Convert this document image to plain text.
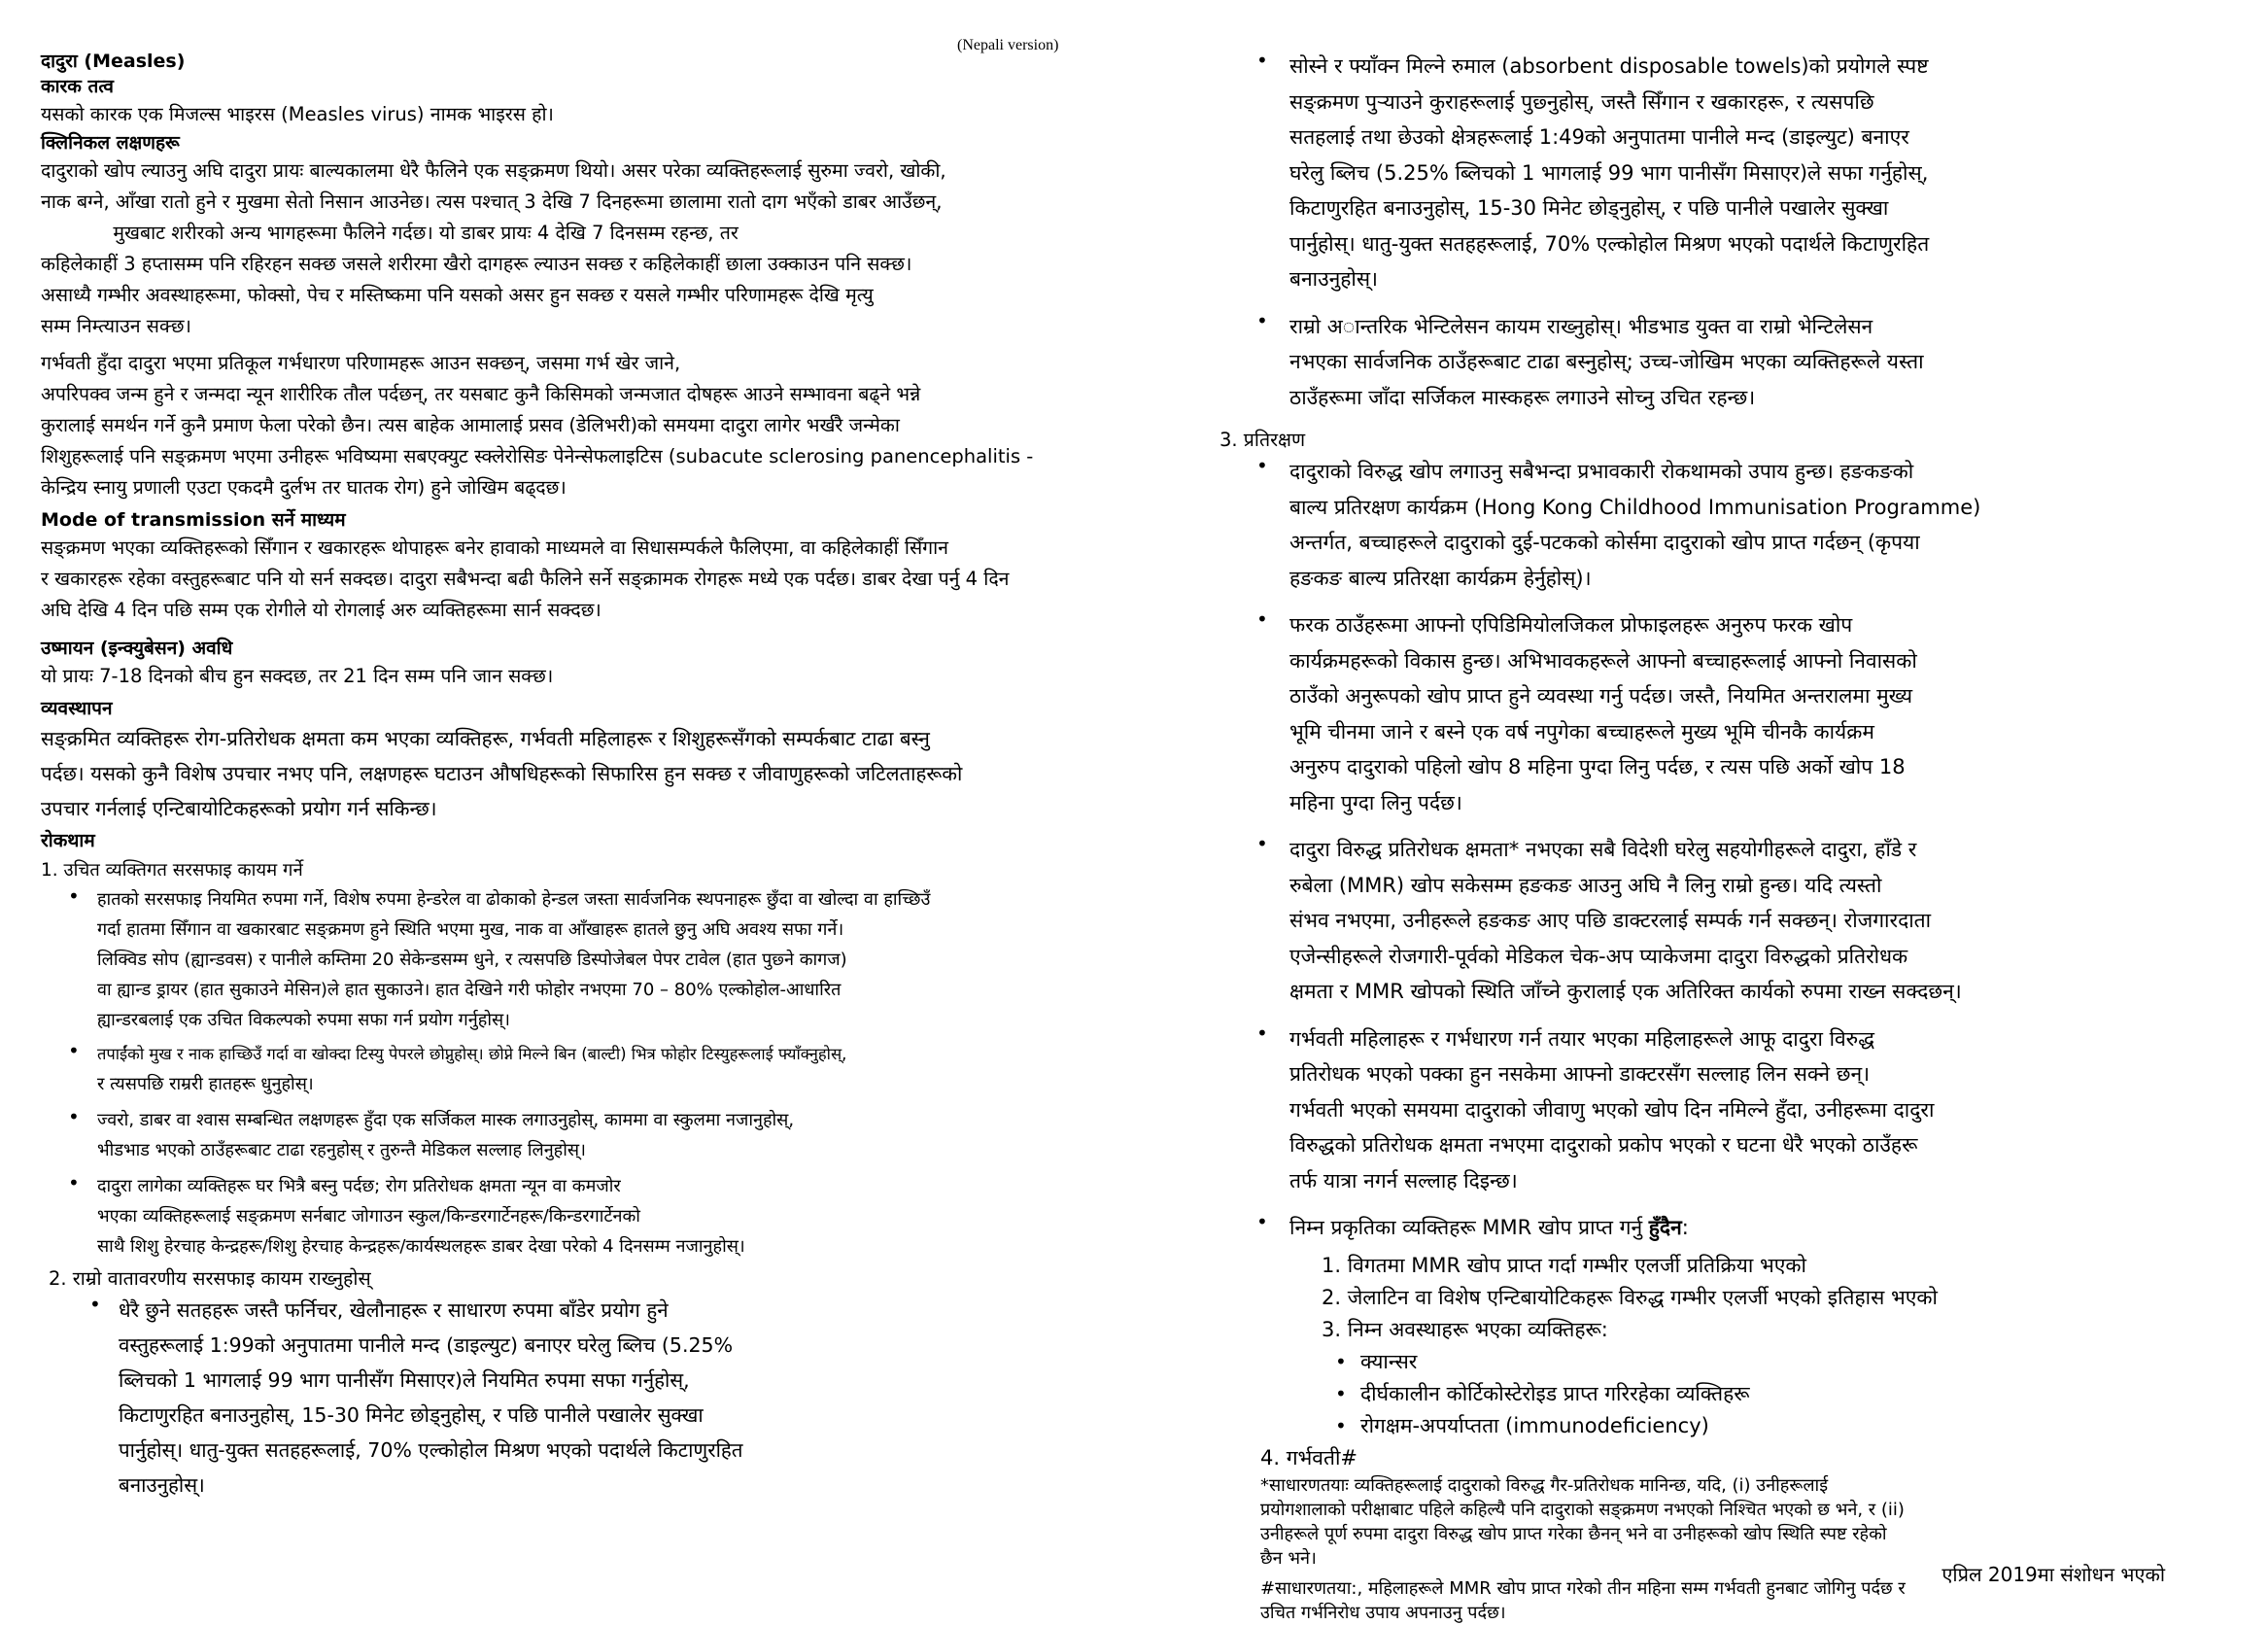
(Nepali version)
दादुरा (Measles)
कारक तत्व
यसको कारक एक मिजल्स भाइरस (Measles virus) नामक भाइरस हो।
क्लिनिकल लक्षणहरू
दादुराको खोप ल्याउनु अघि दादुरा प्रायः बाल्यकालमा धेरै फैलिने एक सङ्क्रमण थियो। असर परेका व्यक्तिहरूलाई सुरुमा ज्वरो, खोकी,
नाक बग्ने, आँखा रातो हुने र मुखमा सेतो निसान आउनेछ। त्यस पश्चात् 3 देखि 7 दिनहरूमा छालामा रातो दाग भएँको डाबर आउँछन्,
मुखबाट शरीरको अन्य भागहरूमा फैलिने गर्दछ। यो डाबर प्रायः 4 देखि 7 दिनसम्म रहन्छ, तर
कहिलेकाहीं 3 हप्तासम्म पनि रहिरहन सक्छ जसले शरीरमा खैरो दागहरू ल्याउन सक्छ र कहिलेकाहीं छाला उक्काउन पनि सक्छ।
असाध्यै गम्भीर अवस्थाहरूमा, फोक्सो, पेच र मस्तिष्कमा पनि यसको असर हुन सक्छ र यसले गम्भीर परिणामहरू देखि मृत्यु
सम्म निम्त्याउन सक्छ।
गर्भवती हुँदा दादुरा भएमा प्रतिकूल गर्भधारण परिणामहरू आउन सक्छन्, जसमा गर्भ खेर जाने,
अपरिपक्व जन्म हुने र जन्मदा न्यून शारीरिक तौल पर्दछन्, तर यसबाट कुनै किसिमको जन्मजात दोषहरू आउने सम्भावना बढ्ने भन्ने
कुरालाई समर्थन गर्ने कुनै प्रमाण फेला परेको छैन। त्यस बाहेक आमालाई प्रसव (डेलिभरी)को समयमा दादुरा लागेर भर्खरै जन्मेका
शिशुहरूलाई पनि सङ्क्रमण भएमा उनीहरू भविष्यमा सबएक्युट स्क्लेरोसिङ पेनेन्सेफलाइटिस (subacute sclerosing panencephalitis -
केन्द्रिय स्नायु प्रणाली एउटा एकदमै दुर्लभ तर घातक रोग) हुने जोखिम बढ्दछ।
Mode of transmission सर्ने माध्यम
सङ्क्रमण भएका व्यक्तिहरूको सिँगान र खकारहरू थोपाहरू बनेर हावाको माध्यमले वा सिधासम्पर्कले फैलिएमा, वा कहिलेकाहीं सिँगान
र खकारहरू रहेका वस्तुहरूबाट पनि यो सर्न सक्दछ। दादुरा सबैभन्दा बढी फैलिने सर्ने सङ्क्रामक रोगहरू मध्ये एक पर्दछ। डाबर देखा पर्नु 4 दिन
अघि देखि 4 दिन पछि सम्म एक रोगीले यो रोगलाई अरु व्यक्तिहरूमा सार्न सक्दछ।
उष्मायन (इन्क्युबेसन) अवधि
यो प्रायः 7-18 दिनको बीच हुन सक्दछ, तर 21 दिन सम्म पनि जान सक्छ।
व्यवस्थापन
सङ्क्रमित व्यक्तिहरू रोग-प्रतिरोधक क्षमता कम भएका व्यक्तिहरू, गर्भवती महिलाहरू र शिशुहरूसँगको सम्पर्कबाट टाढा बस्नु
पर्दछ। यसको कुनै विशेष उपचार नभए पनि, लक्षणहरू घटाउन औषधिहरूको सिफारिस हुन सक्छ र जीवाणुहरूको जटिलताहरूको
उपचार गर्नलाई एन्टिबायोटिकहरूको प्रयोग गर्न सकिन्छ।
रोकथाम
1. उचित व्यक्तिगत सरसफाइ कायम गर्ने
• हातको सरसफाइ नियमित रुपमा गर्ने, विशेष रुपमा हेन्डरेल वा ढोकाको हेन्डल जस्ता सार्वजनिक स्थपनाहरू छुँदा वा खोल्दा वा हाच्छिउँ
गर्दा हातमा सिँगान वा खकारबाट सङ्क्रमण हुने स्थिति भएमा मुख, नाक वा आँखाहरू हातले छुनु अघि अवश्य सफा गर्ने।
लिक्विड सोप (ह्यान्डवस) र पानीले कम्तिमा 20 सेकेन्डसम्म धुने, र त्यसपछि डिस्पोजेबल पेपर टावेल (हात पुछ्ने कागज)
वा ह्यान्ड ड्रायर (हात सुकाउने मेसिन)ले हात सुकाउने। हात देखिने गरी फोहोर नभएमा 70 – 80% एल्कोहोल-आधारित
ह्यान्डरबलाई एक उचित विकल्पको रुपमा सफा गर्न प्रयोग गर्नुहोस्।
• तपाईंको मुख र नाक हाच्छिउँ गर्दा वा खोक्दा टिस्यु पेपरले छोप्नुहोस्। छोप्ने मिल्ने बिन (बाल्टी) भित्र फोहोर टिस्युहरूलाई फ्याँक्नुहोस्,
र त्यसपछि राम्ररी हातहरू धुनुहोस्।
• ज्वरो, डाबर वा श्वास सम्बन्धित लक्षणहरू हुँदा एक सर्जिकल मास्क लगाउनुहोस्, काममा वा स्कुलमा नजानुहोस्,
भीडभाड भएको ठाउँहरूबाट टाढा रहनुहोस् र तुरुन्तै मेडिकल सल्लाह लिनुहोस्।
• दादुरा लागेका व्यक्तिहरू घर भित्रै बस्नु पर्दछ; रोग प्रतिरोधक क्षमता न्यून वा कमजोर
भएका व्यक्तिहरूलाई सङ्क्रमण सर्नबाट जोगाउन स्कुल/किन्डरगार्टेनहरू/किन्डरगार्टेनको
साथै शिशु हेरचाह केन्द्रहरू/शिशु हेरचाह केन्द्रहरू/कार्यस्थलहरू डाबर देखा परेको 4 दिनसम्म नजानुहोस्।
2. राम्रो वातावरणीय सरसफाइ कायम राख्नुहोस्
• धेरै छुने सतहहरू जस्तै फर्निचर, खेलौनाहरू र साधारण रुपमा बाँडेर प्रयोग हुने
वस्तुहरूलाई 1:99को अनुपातमा पानीले मन्द (डाइल्युट) बनाएर घरेलु ब्लिच (5.25%
ब्लिचको 1 भागलाई 99 भाग पानीसँग मिसाएर)ले नियमित रुपमा सफा गर्नुहोस्,
किटाणुरहित बनाउनुहोस्, 15-30 मिनेट छोड्नुहोस्, र पछि पानीले पखालेर सुक्खा
पार्नुहोस्। धातु-युक्त सतहहरूलाई, 70% एल्कोहोल मिश्रण भएको पदार्थले किटाणुरहित
बनाउनुहोस्।
• सोस्ने र फ्याँक्न मिल्ने रुमाल (absorbent disposable towels)को प्रयोगले स्पष्ट
सङ्क्रमण पुर्‍याउने कुराहरूलाई पुछ्नुहोस्, जस्तै सिँगान र खकारहरू, र त्यसपछि
सतहलाई तथा छेउको क्षेत्रहरूलाई 1:49को अनुपातमा पानीले मन्द (डाइल्युट) बनाएर
घरेलु ब्लिच (5.25% ब्लिचको 1 भागलाई 99 भाग पानीसँग मिसाएर)ले सफा गर्नुहोस्,
किटाणुरहित बनाउनुहोस्, 15-30 मिनेट छोड्नुहोस्, र पछि पानीले पखालेर सुक्खा
पार्नुहोस्। धातु-युक्त सतहहरूलाई, 70% एल्कोहोल मिश्रण भएको पदार्थले किटाणुरहित
बनाउनुहोस्।
• राम्रो अान्तरिक भेन्टिलेसन कायम राख्नुहोस्। भीडभाड युक्त वा राम्रो भेन्टिलेसन
नभएका सार्वजनिक ठाउँहरूबाट टाढा बस्नुहोस्; उच्च-जोखिम भएका व्यक्तिहरूले यस्ता
ठाउँहरूमा जाँदा सर्जिकल मास्कहरू लगाउने सोच्नु उचित रहन्छ।
3. प्रतिरक्षण
• दादुराको विरुद्ध खोप लगाउनु सबैभन्दा प्रभावकारी रोकथामको उपाय हुन्छ। हङकङको
बाल्य प्रतिरक्षण कार्यक्रम (Hong Kong Childhood Immunisation Programme)
अन्तर्गत, बच्चाहरूले दादुराको दुई-पटकको कोर्समा दादुराको खोप प्राप्त गर्दछन् (कृपया
हङकङ बाल्य प्रतिरक्षा कार्यक्रम हेर्नुहोस्)।
• फरक ठाउँहरूमा आफ्नो एपिडिमियोलजिकल प्रोफाइलहरू अनुरुप फरक खोप
कार्यक्रमहरूको विकास हुन्छ। अभिभावकहरूले आफ्नो बच्चाहरूलाई आफ्नो निवासको
ठाउँको अनुरूपको खोप प्राप्त हुने व्यवस्था गर्नु पर्दछ। जस्तै, नियमित अन्तरालमा मुख्य
भूमि चीनमा जाने र बस्ने एक वर्ष नपुगेका बच्चाहरूले मुख्य भूमि चीनकै कार्यक्रम
अनुरुप दादुराको पहिलो खोप 8 महिना पुग्दा लिनु पर्दछ, र त्यस पछि अर्को खोप 18
महिना पुग्दा लिनु पर्दछ।
• दादुरा विरुद्ध प्रतिरोधक क्षमता* नभएका सबै विदेशी घरेलु सहयोगीहरूले दादुरा, हाँडे र
रुबेला (MMR) खोप सकेसम्म हङकङ आउनु अघि नै लिनु राम्रो हुन्छ। यदि त्यस्तो
संभव नभएमा, उनीहरूले हङकङ आए पछि डाक्टरलाई सम्पर्क गर्न सक्छन्। रोजगारदाता
एजेन्सीहरूले रोजगारी-पूर्वको मेडिकल चेक-अप प्याकेजमा दादुरा विरुद्धको प्रतिरोधक
क्षमता र MMR खोपको स्थिति जाँच्ने कुरालाई एक अतिरिक्त कार्यको रुपमा राख्न सक्दछन्।
• गर्भवती महिलाहरू र गर्भधारण गर्न तयार भएका महिलाहरूले आफू दादुरा विरुद्ध
प्रतिरोधक भएको पक्का हुन नसकेमा आफ्नो डाक्टरसँग सल्लाह लिन सक्ने छन्।
गर्भवती भएको समयमा दादुराको जीवाणु भएको खोप दिन नमिल्ने हुँदा, उनीहरूमा दादुरा
विरुद्धको प्रतिरोधक क्षमता नभएमा दादुराको प्रकोप भएको र घटना धेरै भएको ठाउँहरू
तर्फ यात्रा नगर्न सल्लाह दिइन्छ।
• निम्न प्रकृतिका व्यक्तिहरू MMR खोप प्राप्त गर्नु हुँदैन:
1. विगतमा MMR खोप प्राप्त गर्दा गम्भीर एलर्जी प्रतिक्रिया भएको
2. जेलाटिन वा विशेष एन्टिबायोटिकहरू विरुद्ध गम्भीर एलर्जी भएको इतिहास भएको
3. निम्न अवस्थाहरू भएका व्यक्तिहरू:
• क्यान्सर
• दीर्घकालीन कोर्टिकोस्टेरोइड प्राप्त गरिरहेका व्यक्तिहरू
• रोगक्षम-अपर्याप्तता (immunodeficiency)
4. गर्भवती#
*साधारणतयाः व्यक्तिहरूलाई दादुराको विरुद्ध गैर-प्रतिरोधक मानिन्छ, यदि, (i) उनीहरूलाई
प्रयोगशालाको परीक्षाबाट पहिले कहिल्यै पनि दादुराको सङ्क्रमण नभएको निश्चित भएको छ भने, र (ii)
उनीहरूले पूर्ण रुपमा दादुरा विरुद्ध खोप प्राप्त गरेका छैनन् भने वा उनीहरूको खोप स्थिति स्पष्ट रहेको
छैन भने।
#साधारणतया:, महिलाहरूले MMR खोप प्राप्त गरेको तीन महिना सम्म गर्भवती हुनबाट जोगिनु पर्दछ र
उचित गर्भनिरोध उपाय अपनाउनु पर्दछ।
एप्रिल 2019मा संशोधन भएको
